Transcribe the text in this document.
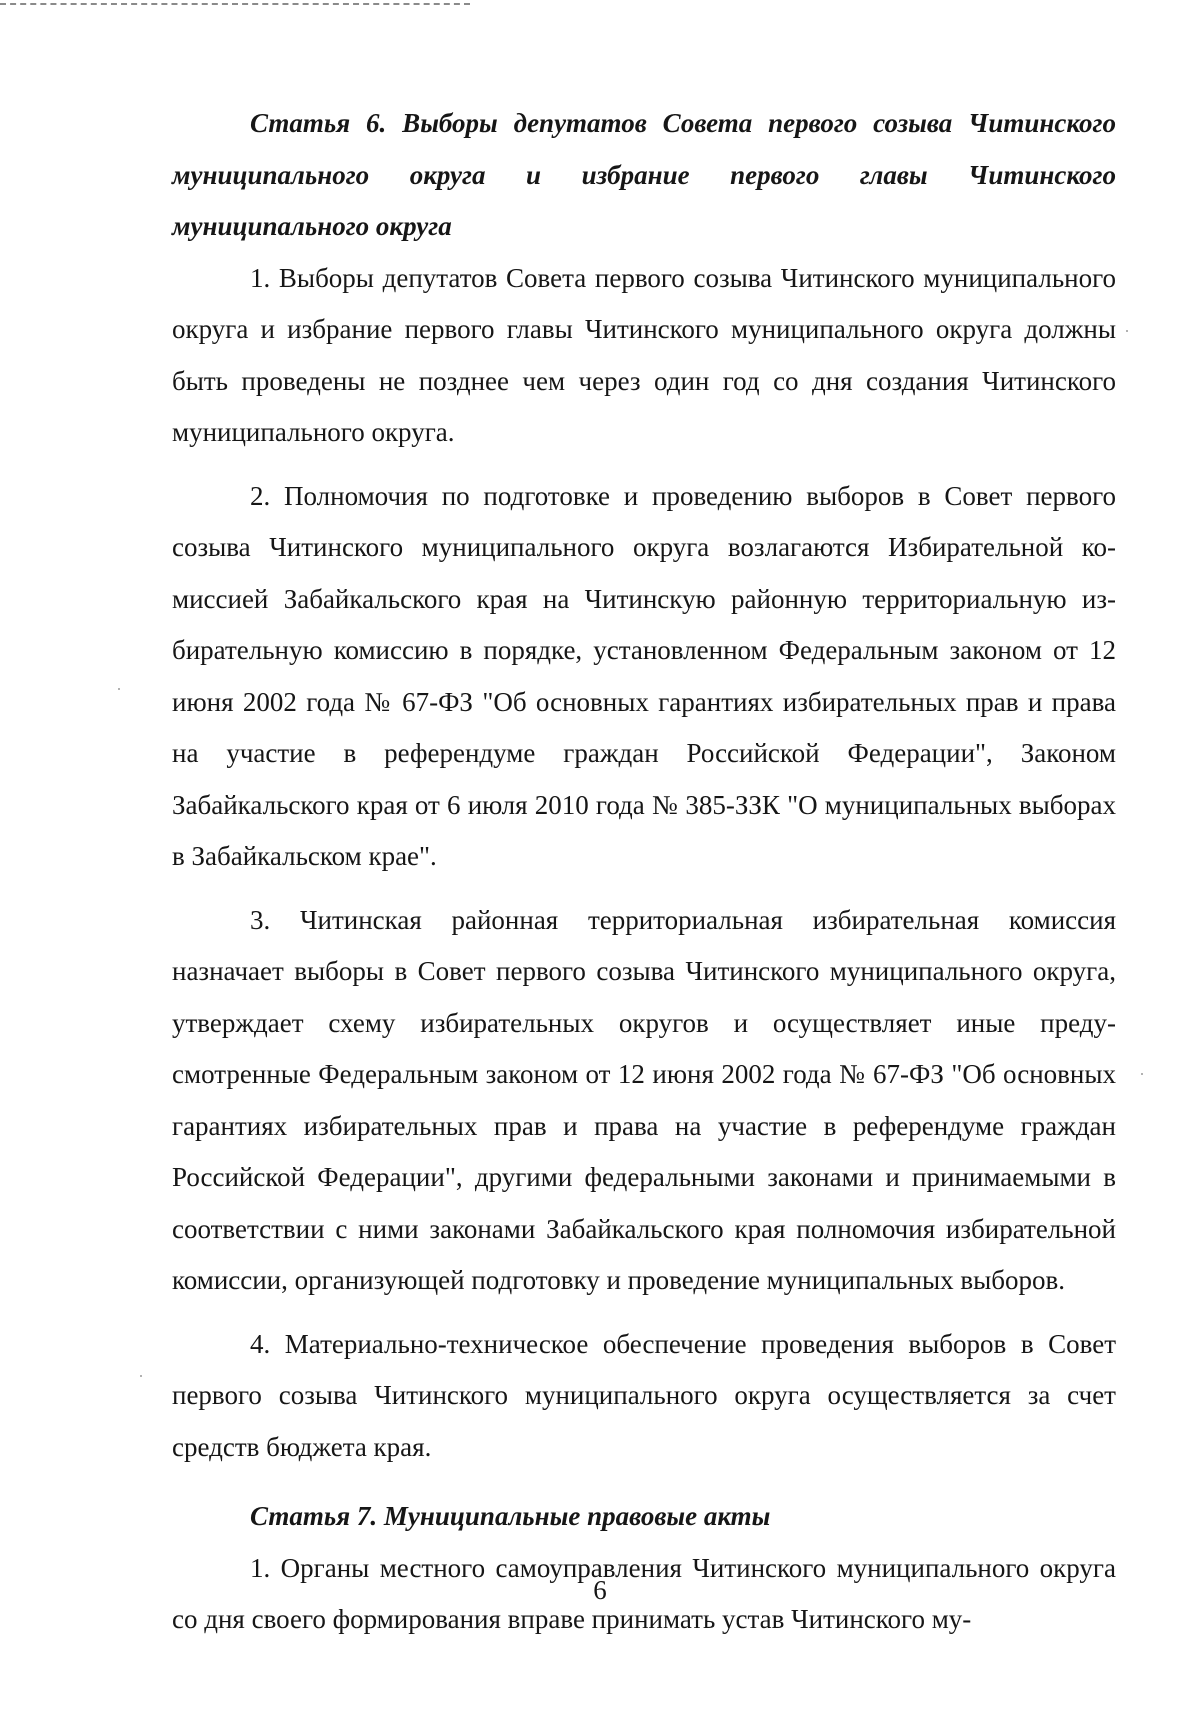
Статья 6. Выборы депутатов Совета первого созыва Читинского муниципального округа и избрание первого главы Читинского муниципального округа

1. Выборы депутатов Совета первого созыва Читинского муниципального округа и избрание первого главы Читинского муниципального округа должны быть проведены не позднее чем через один год со дня создания Читинского муниципального округа.

2. Полномочия по подготовке и проведению выборов в Совет первого созыва Читинского муниципального округа возлагаются Избирательной комиссией Забайкальского края на Читинскую районную территориальную избирательную комиссию в порядке, установленном Федеральным законом от 12 июня 2002 года № 67-ФЗ "Об основных гарантиях избирательных прав и права на участие в референдуме граждан Российской Федерации", Законом Забайкальского края от 6 июля 2010 года № 385-ЗЗК "О муниципальных выборах в Забайкальском крае".

3. Читинская районная территориальная избирательная комиссия назначает выборы в Совет первого созыва Читинского муниципального округа, утверждает схему избирательных округов и осуществляет иные предусмотренные Федеральным законом от 12 июня 2002 года № 67-ФЗ "Об основных гарантиях избирательных прав и права на участие в референдуме граждан Российской Федерации", другими федеральными законами и принимаемыми в соответствии с ними законами Забайкальского края полномочия избирательной комиссии, организующей подготовку и проведение муниципальных выборов.

4. Материально-техническое обеспечение проведения выборов в Совет первого созыва Читинского муниципального округа осуществляется за счет средств бюджета края.

Статья 7. Муниципальные правовые акты

1. Органы местного самоуправления Читинского муниципального округа со дня своего формирования вправе принимать устав Читинского му-

6
